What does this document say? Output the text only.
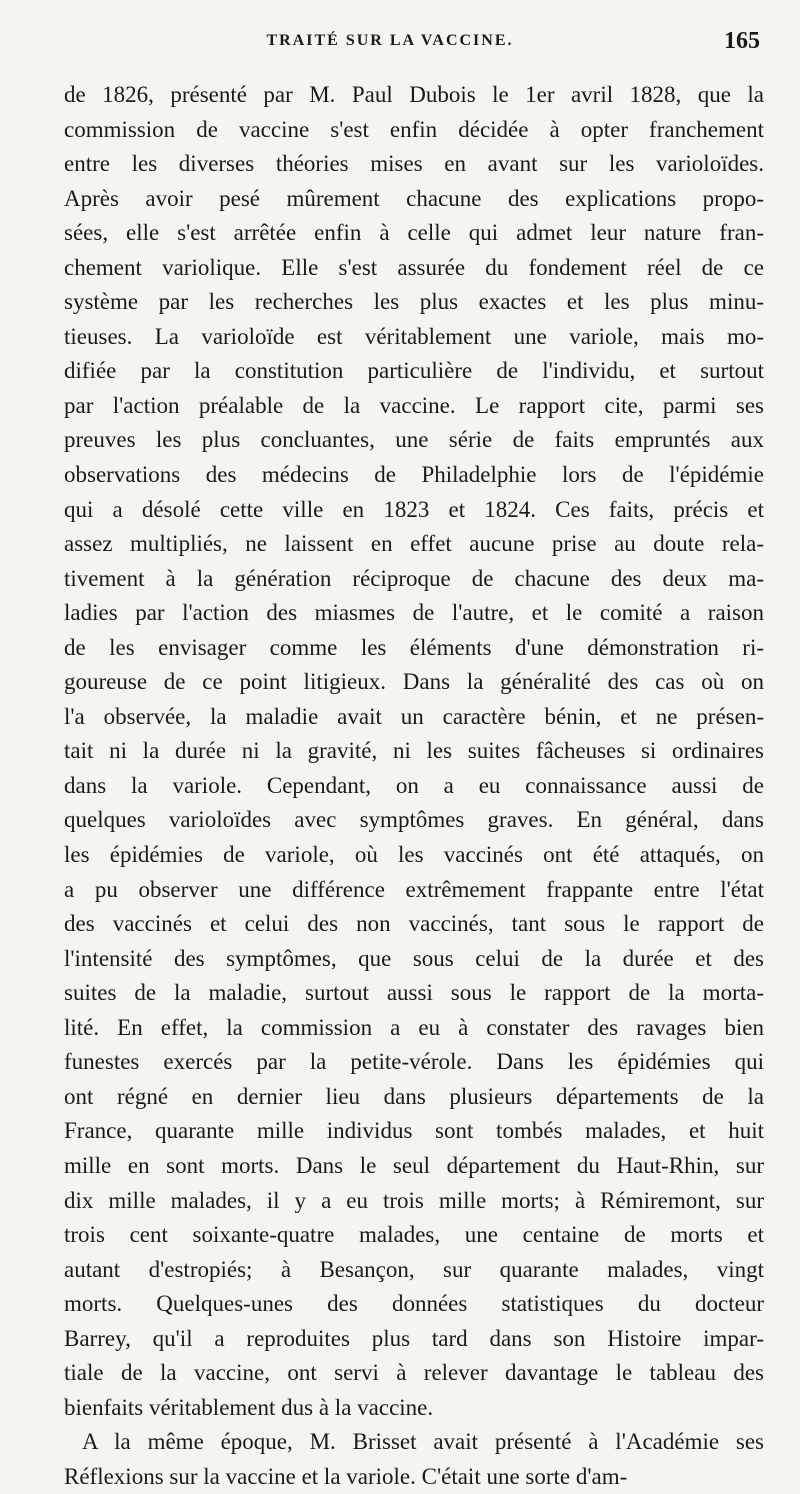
TRAITÉ SUR LA VACCINE.	165
de 1826, présenté par M. Paul Dubois le 1er avril 1828, que la
commission de vaccine s'est enfin décidée à opter franchement
entre les diverses théories mises en avant sur les varioloïdes.
Après avoir pesé mûrement chacune des explications propo-
sées, elle s'est arrêtée enfin à celle qui admet leur nature fran-
chement variolique. Elle s'est assurée du fondement réel de ce
système par les recherches les plus exactes et les plus minu-
tieuses. La varioloïde est véritablement une variole, mais mo-
difiée par la constitution particulière de l'individu, et surtout
par l'action préalable de la vaccine. Le rapport cite, parmi ses
preuves les plus concluantes, une série de faits empruntés aux
observations des médecins de Philadelphie lors de l'épidémie
qui a désolé cette ville en 1823 et 1824. Ces faits, précis et
assez multipliés, ne laissent en effet aucune prise au doute rela-
tivement à la génération réciproque de chacune des deux ma-
ladies par l'action des miasmes de l'autre, et le comité a raison
de les envisager comme les éléments d'une démonstration ri-
goureuse de ce point litigieux. Dans la généralité des cas où on
l'a observée, la maladie avait un caractère bénin, et ne présen-
tait ni la durée ni la gravité, ni les suites fâcheuses si ordinaires
dans la variole. Cependant, on a eu connaissance aussi de
quelques varioloïdes avec symptômes graves. En général, dans
les épidémies de variole, où les vaccinés ont été attaqués, on
a pu observer une différence extrêmement frappante entre l'état
des vaccinés et celui des non vaccinés, tant sous le rapport de
l'intensité des symptômes, que sous celui de la durée et des
suites de la maladie, surtout aussi sous le rapport de la morta-
lité. En effet, la commission a eu à constater des ravages bien
funestes exercés par la petite-vérole. Dans les épidémies qui
ont régné en dernier lieu dans plusieurs départements de la
France, quarante mille individus sont tombés malades, et huit
mille en sont morts. Dans le seul département du Haut-Rhin, sur
dix mille malades, il y a eu trois mille morts; à Rémiremont, sur
trois cent soixante-quatre malades, une centaine de morts et
autant d'estropiés; à Besançon, sur quarante malades, vingt
morts. Quelques-unes des données statistiques du docteur
Barrey, qu'il a reproduites plus tard dans son Histoire impar-
tiale de la vaccine, ont servi à relever davantage le tableau des
bienfaits véritablement dus à la vaccine.
A la même époque, M. Brisset avait présenté à l'Académie ses
Réflexions sur la vaccine et la variole. C'était une sorte d'am-
